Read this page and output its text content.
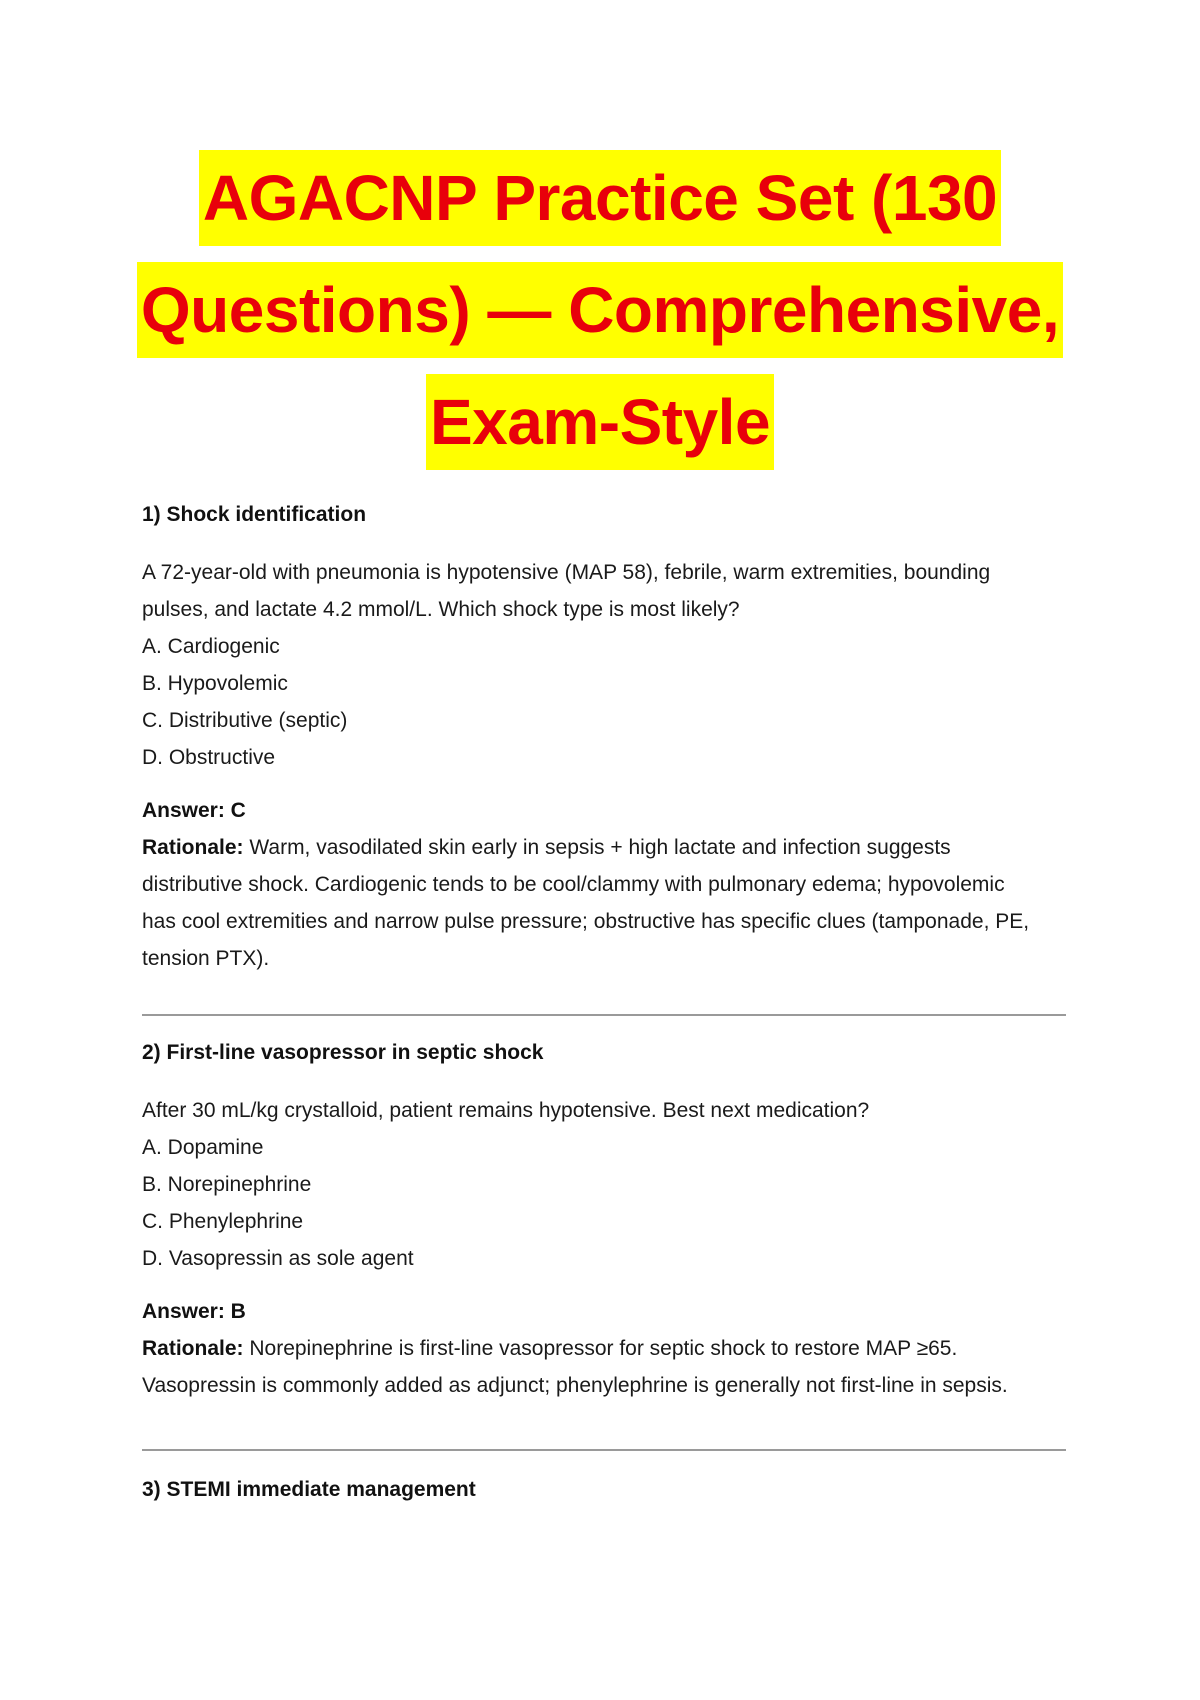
AGACNP Practice Set (130
Questions) — Comprehensive,
Exam-Style
1) Shock identification

A 72-year-old with pneumonia is hypotensive (MAP 58), febrile, warm extremities, bounding

pulses, and lactate 4.2 mmol/L. Which shock type is most likely?

A. Cardiogenic
B. Hypovolemic
C. Distributive (septic)
D. Obstructive

Answer: C

Rationale: Warm, vasodilated skin early in sepsis + high lactate and infection suggests

distributive shock. Cardiogenic tends to be cool/clammy with pulmonary edema; hypovolemic

has cool extremities and narrow pulse pressure; obstructive has specific clues (tamponade, PE,

tension PTX).

2) First-line vasopressor in septic shock

After 30 mL/kg crystalloid, patient remains hypotensive. Best next medication?

A. Dopamine
B. Norepinephrine
C. Phenylephrine
D. Vasopressin as sole agent

Answer: B

Rationale: Norepinephrine is first-line vasopressor for septic shock to restore MAP ≥65.

Vasopressin is commonly added as adjunct; phenylephrine is generally not first-line in sepsis.

3) STEMI immediate management
